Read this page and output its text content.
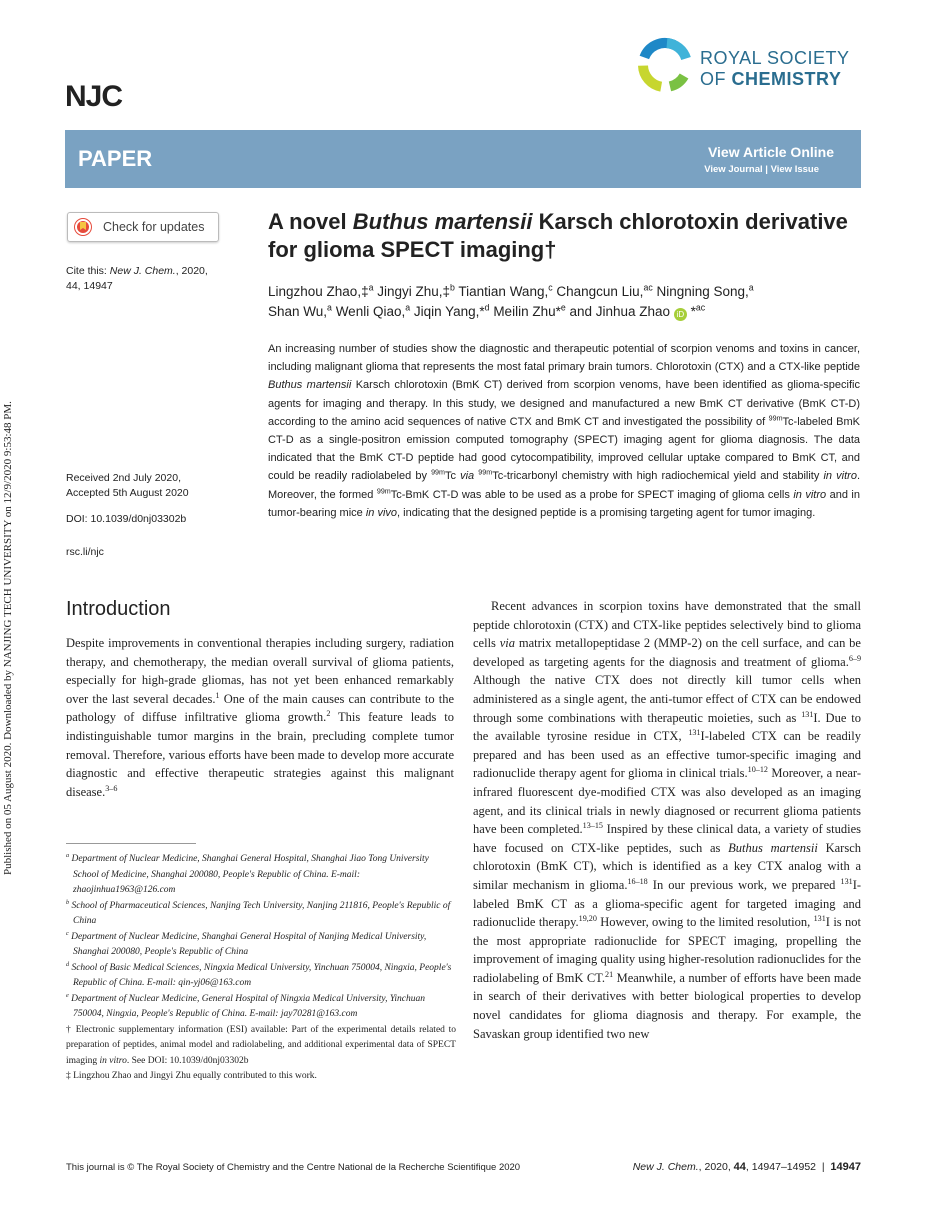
Published on 05 August 2020. Downloaded by NANJING TECH UNIVERSITY on 12/9/2020 9:53:48 PM.
NJC
ROYAL SOCIETY
OF CHEMISTRY
PAPER	View Article Online
View Journal | View Issue
Check for updates
Cite this: New J. Chem., 2020,
44, 14947
Received 2nd July 2020,
Accepted 5th August 2020
DOI: 10.1039/d0nj03302b
rsc.li/njc
A novel Buthus martensii Karsch chlorotoxin derivative for glioma SPECT imaging†
Lingzhou Zhao,‡$^a$ Jingyi Zhu,‡$^b$ Tiantian Wang,$^c$ Changcun Liu,$^{ac}$ Ningning Song,$^a$
Shan Wu,$^a$ Wenli Qiao,$^a$ Jiqin Yang,*$^d$ Meilin Zhu*$^e$ and Jinhua Zhao iD *$^{ac}$

An increasing number of studies show the diagnostic and therapeutic potential of scorpion venoms and toxins in cancer, including malignant glioma that represents the most fatal primary brain tumors. Chlorotoxin (CTX) and a CTX-like peptide Buthus martensii Karsch chlorotoxin (BmK CT) derived from scorpion venoms, have been identified as glioma-specific agents for imaging and therapy. In this study, we designed and manufactured a new BmK CT derivative (BmK CT-D) according to the amino acid sequences of native CTX and BmK CT and investigated the possibility of $^{99m}$Tc-labeled BmK CT-D as a single-positron emission computed tomography (SPECT) imaging agent for glioma diagnosis. The data indicated that the BmK CT-D peptide had good cytocompatibility, improved cellular uptake compared to BmK CT, and could be readily radiolabeled by $^{99m}$Tc via $^{99m}$Tc-tricarbonyl chemistry with high radiochemical yield and stability in vitro. Moreover, the formed $^{99m}$Tc-BmK CT-D was able to be used as a probe for SPECT imaging of glioma cells in vitro and in tumor-bearing mice in vivo, indicating that the designed peptide is a promising targeting agent for tumor imaging.

Introduction

Despite improvements in conventional therapies including surgery, radiation therapy, and chemotherapy, the median overall survival of glioma patients, especially for high-grade gliomas, has not yet been enhanced remarkably over the last several decades.$^1$ One of the main causes can contribute to the pathology of diffuse infiltrative glioma growth.$^2$ This feature leads to indistinguishable tumor margins in the brain, precluding complete tumor removal. Therefore, various efforts have been made to develop more accurate diagnostic and effective therapeutic strategies against this malignant disease.$^{3-6}$

Recent advances in scorpion toxins have demonstrated that the small peptide chlorotoxin (CTX) and CTX-like peptides selectively bind to glioma cells via matrix metallopeptidase 2 (MMP-2) on the cell surface, and can be developed as targeting agents for the diagnosis and treatment of glioma.$^{6-9}$ Although the native CTX does not directly kill tumor cells when administered as a single agent, the anti-tumor effect of CTX can be endowed through some combinations with therapeutic moieties, such as $^{131}$I. Due to the available tyrosine residue in CTX, $^{131}$I-labeled CTX can be readily prepared and has been used as an effective tumor-specific imaging and radionuclide therapy agent for glioma in clinical trials.$^{10-12}$ Moreover, a near-infrared fluorescent dye-modified CTX was also developed as an imaging agent, and its clinical trials in newly diagnosed or recurrent glioma patients have been completed.$^{13-15}$ Inspired by these clinical data, a variety of studies have focused on CTX-like peptides, such as Buthus martensii Karsch chlorotoxin (BmK CT), which is identified as a key CTX analog with a similar mechanism in glioma.$^{16-18}$ In our previous work, we prepared $^{131}$I-labeled BmK CT as a glioma-specific agent for targeted imaging and radionuclide therapy.$^{19,20}$ However, owing to the limited resolution, $^{131}$I is not the most appropriate radionuclide for SPECT imaging, propelling the improvement of imaging quality using higher-resolution radionuclides for the radiolabeling of BmK CT.$^{21}$ Meanwhile, a number of efforts have been made in search of their derivatives with better biological properties to develop novel candidates for glioma diagnosis and therapy. For example, the Savaskan group identified two new

$^a$ Department of Nuclear Medicine, Shanghai General Hospital, Shanghai Jiao Tong University School of Medicine, Shanghai 200080, People's Republic of China. E-mail: zhaojinhua1963@126.com
$^b$ School of Pharmaceutical Sciences, Nanjing Tech University, Nanjing 211816, People's Republic of China
$^c$ Department of Nuclear Medicine, Shanghai General Hospital of Nanjing Medical University, Shanghai 200080, People's Republic of China
$^d$ School of Basic Medical Sciences, Ningxia Medical University, Yinchuan 750004, Ningxia, People's Republic of China. E-mail: qin-yj06@163.com
$^e$ Department of Nuclear Medicine, General Hospital of Ningxia Medical University, Yinchuan 750004, Ningxia, People's Republic of China. E-mail: jay70281@163.com
† Electronic supplementary information (ESI) available: Part of the experimental details related to preparation of peptides, animal model and radiolabeling, and additional experimental data of SPECT imaging in vitro. See DOI: 10.1039/d0nj03302b
‡ Lingzhou Zhao and Jingyi Zhu equally contributed to this work.
This journal is © The Royal Society of Chemistry and the Centre National de la Recherche Scientifique 2020	New J. Chem., 2020, 44, 14947–14952  |  14947
